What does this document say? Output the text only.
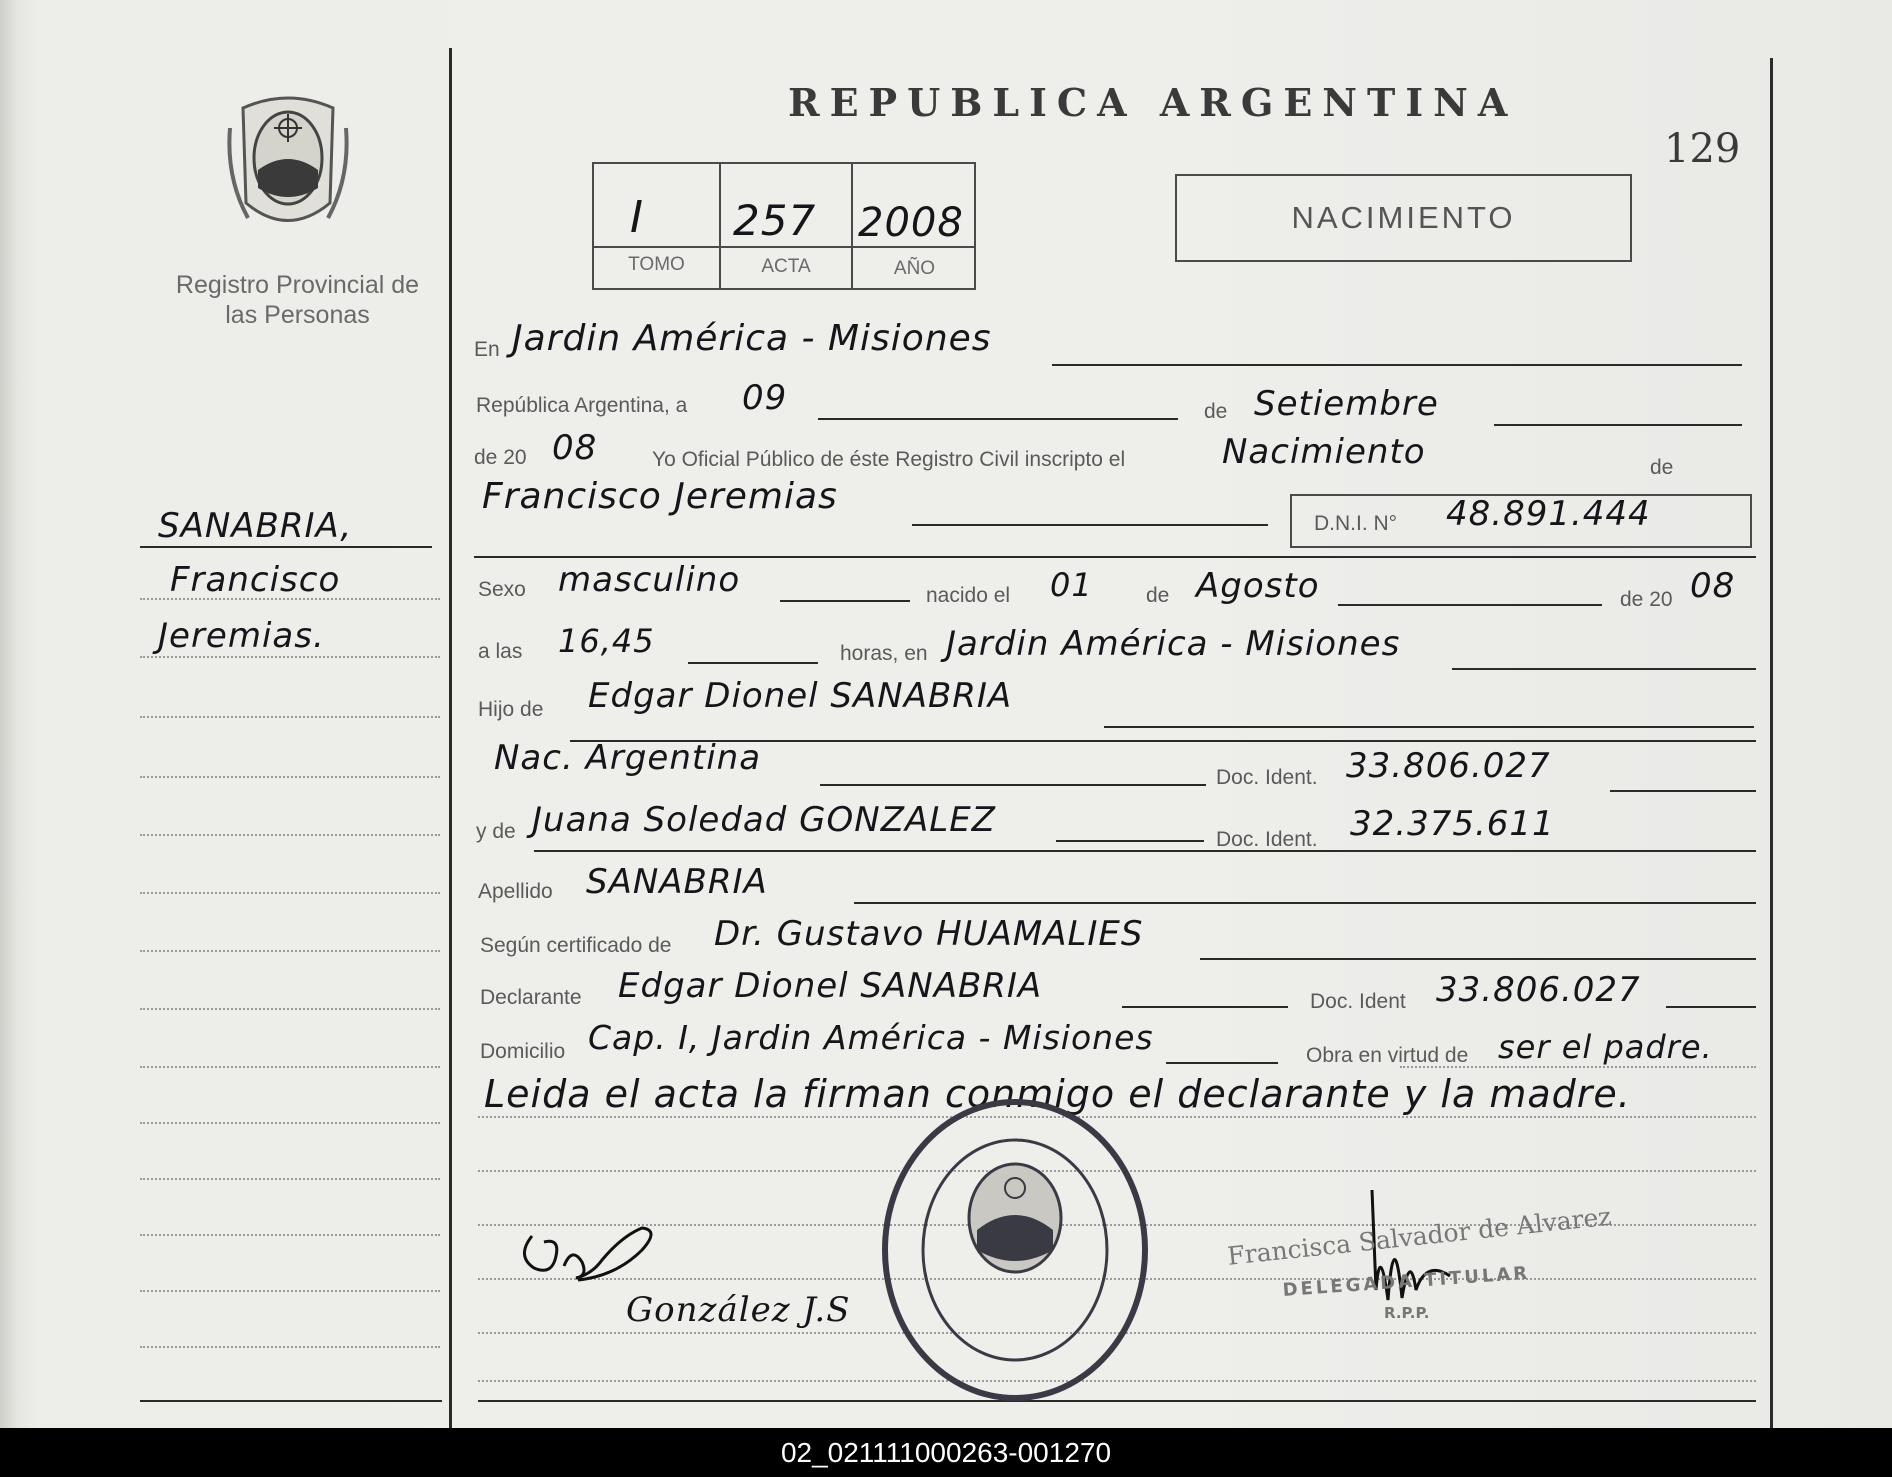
Registro Provincial de las Personas
REPUBLICA ARGENTINA
129
I 257 2008
TOMO	ACTA	AÑO
NACIMIENTO
SANABRIA,
Francisco
Jeremias.
En Jardin América - Misiones
República Argentina, a 09	de Setiembre
de 20 08	Yo Oficial Público de éste Registro Civil inscripto el	Nacimiento	de
Francisco Jeremias
D.N.I. N° 48.891.444
Sexo masculino	nacido el 01	de Agosto	de 20 08
a las 16,45	horas, en Jardin América - Misiones
Hijo de Edgar Dionel SANABRIA
Nac. Argentina	Doc. Ident. 33.806.027
y de Juana Soledad GONZALEZ	Doc. Ident. 32.375.611
Apellido SANABRIA
Según certificado de Dr. Gustavo HUAMALIES
Declarante Edgar Dionel SANABRIA	Doc. Ident 33.806.027
Domicilio Cap. I, Jardin América - Misiones	Obra en virtud de ser el padre.
Leida el acta la firman conmigo el declarante y la madre.
González J.S
Francisca Salvador de Alvarez
DELEGADA TITULAR
R.P.P.
02_021111000263-001270
